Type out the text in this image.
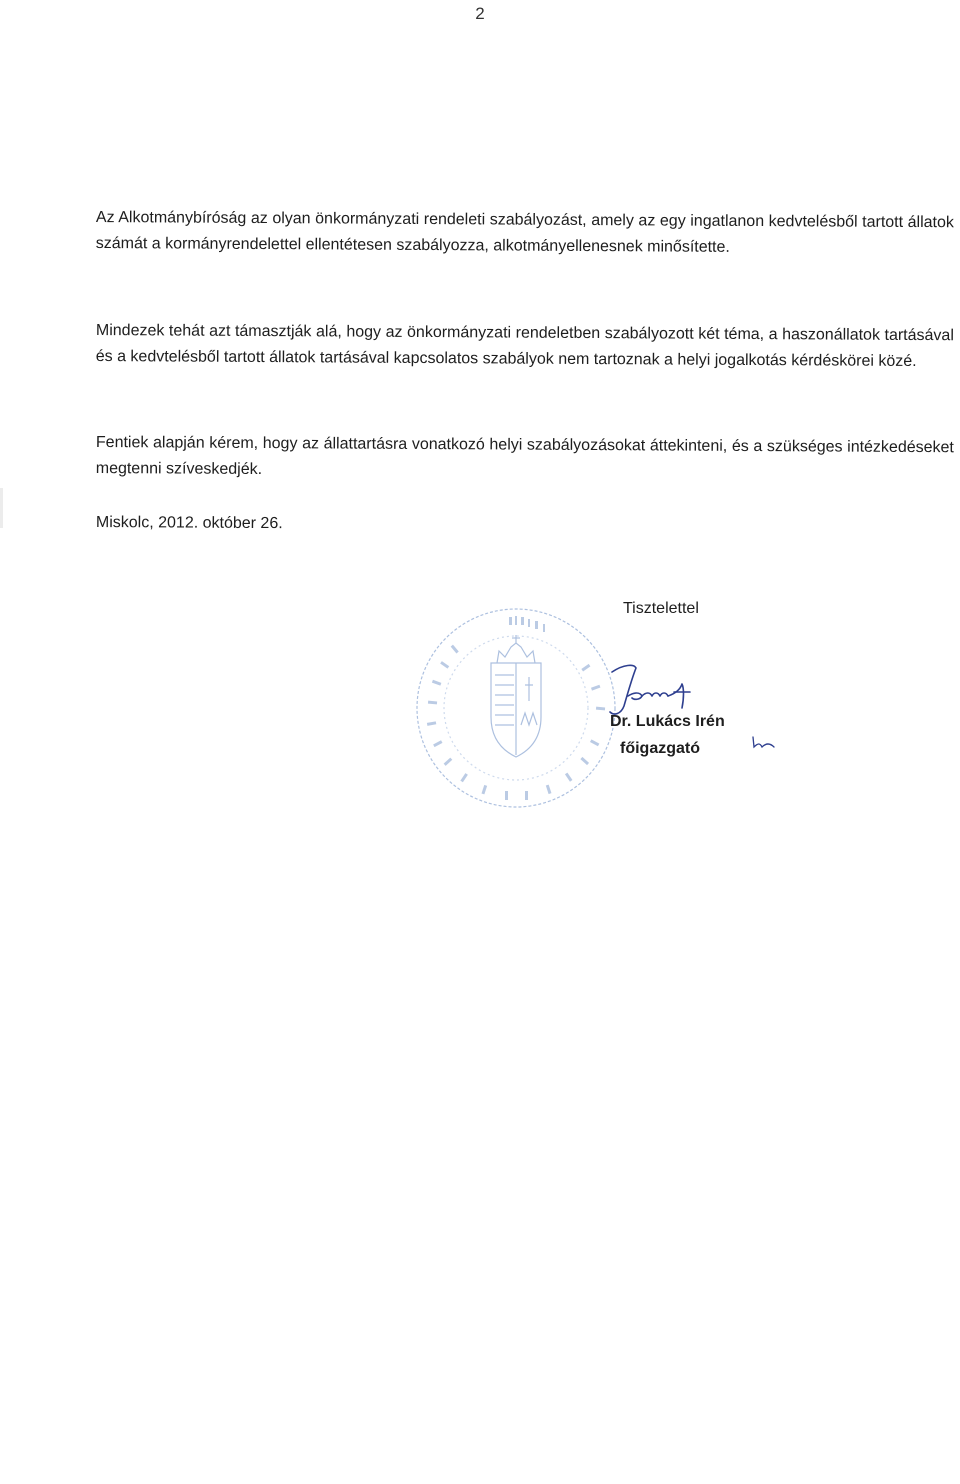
2

Az Alkotmánybíróság az olyan önkormányzati rendeleti szabályozást, amely az egy ingatlanon kedvtelésből tartott állatok számát a kormányrendelettel ellentétesen szabályozza, alkotmányellenesnek minősítette.

Mindezek tehát azt támasztják alá, hogy az önkormányzati rendeletben szabályozott két téma, a haszonállatok tartásával és a kedvtelésből tartott állatok tartásával kapcsolatos szabályok nem tartoznak a helyi jogalkotás kérdéskörei közé.

Fentiek alapján kérem, hogy az állattartásra vonatkozó helyi szabályozásokat áttekinteni, és a szükséges intézkedéseket megtenni szíveskedjék.

Miskolc, 2012. október 26.

Tisztelettel

Dr. Lukács Irén

főigazgató
